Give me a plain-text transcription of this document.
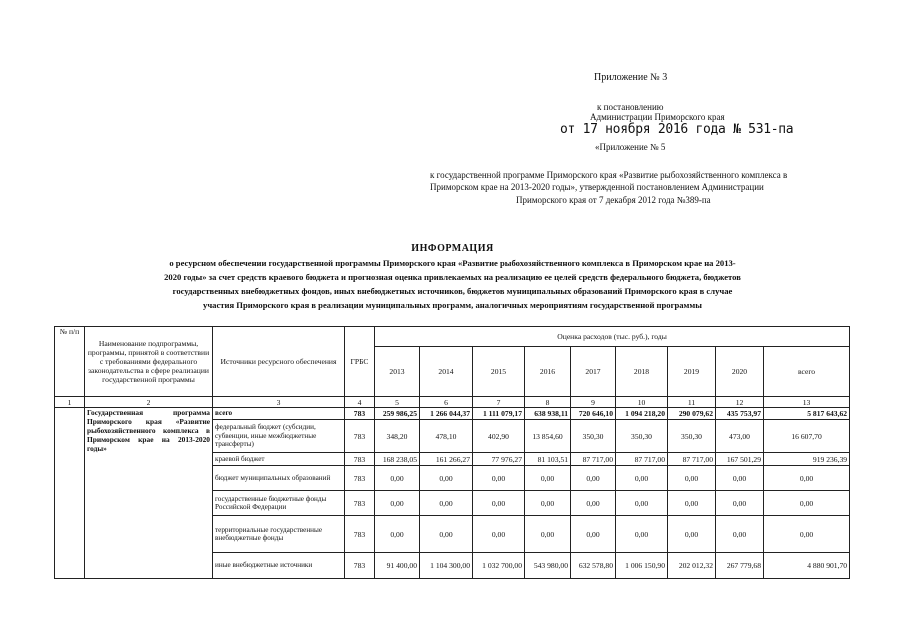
Приложение № 3
к постановлению
Администрации Приморского края
от 17 ноября 2016 года № 531-па
«Приложение № 5
к государственной программе Приморского края «Развитие рыбохозяйственного комплекса в
Приморском крае на 2013-2020 годы», утвержденной постановлением Администрации
Приморского края от 7 декабря 2012 года №389-па
ИНФОРМАЦИЯ
о ресурсном обеспечении государственной программы Приморского края «Развитие рыбохозяйственного комплекса в Приморском крае на 2013-
2020 годы» за счет средств краевого бюджета и прогнозная оценка привлекаемых на реализацию ее целей средств федерального бюджета, бюджетов
государственных внебюджетных фондов, иных внебюджетных источников, бюджетов муниципальных образований Приморского края в случае
участия Приморского края в реализации муниципальных программ, аналогичных мероприятиям государственной программы
№ п/п	Наименование подпрограммы, программы, принятой в соответствии с требованиями федерального законодательства в сфере реализации государственной программы	Источники ресурсного обеспечения	ГРБС	Оценка расходов (тыс. руб.), годы								
				2013	2014	2015	2016	2017	2018	2019	2020	всего
1	2	3	4	5	6	7	8	9	10	11	12	13
	Государственная программа Приморского края «Развитие рыбохозяйственного комплекса в Приморском крае на 2013-2020 годы»	всего	783	259 986,25	1 266 044,37	1 111 079,17	638 938,11	720 646,10	1 094 218,20	290 079,62	435 753,97	5 817 643,62
		федеральный бюджет (субсидии, субвенции, иные межбюджетные трансферты)	783	348,20	478,10	402,90	13 854,60	350,30	350,30	350,30	473,00	16 607,70
		краевой бюджет	783	168 238,05	161 266,27	77 976,27	81 103,51	87 717,00	87 717,00	87 717,00	167 501,29	919 236,39
		бюджет муниципальных образований	783	0,00	0,00	0,00	0,00	0,00	0,00	0,00	0,00	0,00
		государственные бюджетные фонды Российской Федерации	783	0,00	0,00	0,00	0,00	0,00	0,00	0,00	0,00	0,00
		территориальные государственные внебюджетные фонды	783	0,00	0,00	0,00	0,00	0,00	0,00	0,00	0,00	0,00
		иные внебюджетные источники	783	91 400,00	1 104 300,00	1 032 700,00	543 980,00	632 578,80	1 006 150,90	202 012,32	267 779,68	4 880 901,70
